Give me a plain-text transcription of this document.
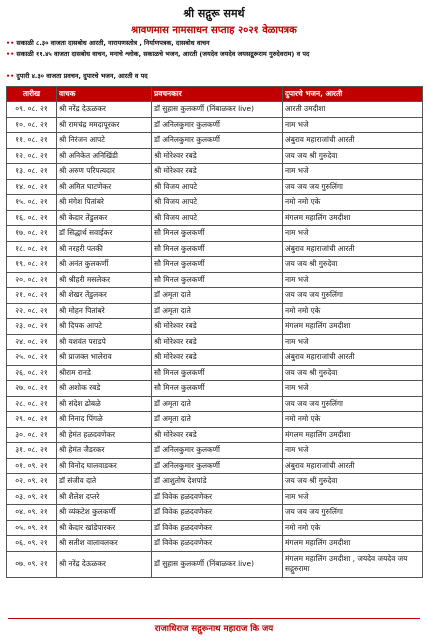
श्री सद्गुरू समर्थ
श्रावणमास नामसाधन सप्ताह २०२१ वेळापत्रक
•• सकाळी ८.३० वाजता दासबोध आरती, नारायणस्तोत्र , निर्याणपत्रक, दासबोध वाचन
•• सकाळी ११.४५ वाजता दासबोध वाचन, मनाचे श्लोक, सकाळचे भजन, आरती (जयदेव जयदेव जयसद्गुरूराम गुरुदेवराम) व पद
•• दुपारी ४.३० वाजता प्रवचन, दुपारचे भजन, आरती व पद
तारीख	वाचक	प्रवचनकार	दुपारचे भजन, आरती
०९. ०८. २१	श्री नरेंद्र देऊळकर	डॉ सुहास कुलकर्णी (निंबाळकर live)	आरती उमदीशा
१०. ०८. २१	श्री रामचंद्र ममदापूरकर	डॉ अनिलकुमार कुलकर्णी	नाम भजे
११. ०८. २१	श्री निरंजन आपटे	डॉ अनिलकुमार कुलकर्णी	अंबुराव महाराजांची आरती
१२. ०८. २१	श्री अनिकेत अनिखिंडी	श्री मोरेश्वर रबडे	जय जय श्री गुरुदेवा
१३. ०८. २१	श्री अरुण परिपत्यदार	श्री मोरेश्वर रबडे	नाम भजे
१४. ०८. २१	श्री अमित घाटणेकर	श्री विजय आपटे	जय जय जय गुरुलिंगा
१५. ०८. २१	श्री मंगेश पितांबरे	श्री विजय आपटे	नमो नमो एके
१६. ०८. २१	श्री केदार तेंडुलकर	श्री विजय आपटे	मंगलम महालिंग उमदीशा
१७. ०८. २१	डॉ सिद्धार्थ सवाईकर	सौ मिनल कुलकर्णी	नाम भजे
१८. ०८. २१	श्री नरहरी पतकी	सौ मिनल कुलकर्णी	अंबुराव महाराजांची आरती
१९. ०८. २१	श्री अनंत कुलकर्णी	सौ मिनल कुलकर्णी	जय जय श्री गुरुदेवा
२०. ०८. २१	श्री श्रीहरी मसलेकर	सौ मिनल कुलकर्णी	नाम भजे
२१. ०८. २१	श्री शेखर तेंडुलकर	डॉ अमृता दाते	जय जय जय गुरुलिंगा
२२. ०८. २१	श्री मोहन पितांबरे	डॉ अमृता दाते	नमो नमो एके
२३. ०८. २१	श्री दिपक आपटे	श्री मोरेश्वर रबडे	मंगलम महालिंग उमदीशा
२४. ०८. २१	श्री यशवंत पराडपे	श्री मोरेश्वर रबडे	नाम भजे
२५. ०८. २१	श्री प्राजक्त भालेराव	श्री मोरेश्वर रबडे	अंबुराव महाराजांची आरती
२६. ०८. २१	श्रीराम रानडे	सौ मिनल कुलकर्णी	जय जय श्री गुरुदेवा
२७. ०८. २१	श्री अशोक रबडे	सौ मिनल कुलकर्णी	नाम भजे
२८. ०८. २१	श्री संदेश ढोबळे	डॉ अमृता दाते	जय जय जय गुरुलिंगा
२९. ०८. २१	श्री निनाद पिंगळे	डॉ अमृता दाते	नमो नमो एके
३०. ०८. २१	श्री हेमंत हळदवणेकर	श्री मोरेश्वर रबडे	मंगलम महालिंग उमदीशा
३१. ०८. २१	श्री हेमंत जैडरकर	डॉ अनिलकुमार कुलकर्णी	नाम भजे
०१. ०९. २१	श्री विनोद घालवाडकर	डॉ अनिलकुमार कुलकर्णी	अंबुराव महाराजांची आरती
०२. ०९. २१	डॉ संजीव दाते	डॉ आशुतोष देशपांडे	जय जय श्री गुरुदेवा
०३. ०९. २१	श्री शैलेश दप्तरे	डॉ विवेक हळदवणेकर	नाम भजे
०४. ०९. २१	श्री व्यंकटेश कुलकर्णी	डॉ विवेक हळदवणेकर	जय जय जय गुरुलिंगा
०५. ०९. २१	श्री केदार खांडेपारकर	डॉ विवेक हळदवणेकर	नमो नमो एके
०६. ०९. २१	श्री सतीश वालावलकर	डॉ विवेक हळदवणेकर	मंगलम महालिंग उमदीशा
०७. ०९. २१	श्री नरेंद्र देऊळकर	डॉ सुहास कुलकर्णी (निंबाळकर live)	मंगलम महालिंग उमदीशा , जयदेव जयदेव जय सद्गुरुरामा
राजाधिराज सद्गुरूनाथ महाराज कि जय
